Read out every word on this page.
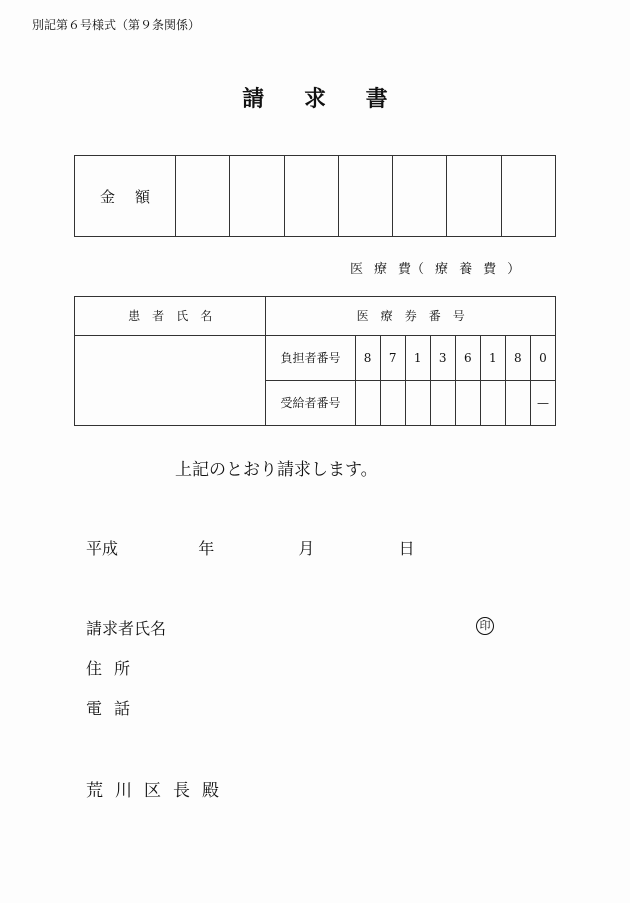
別記第６号様式（第９条関係）
請 求 書
金 額							
医 療 費（ 療 養 費 ）
患 者 氏 名	医 療 券 番 号								
	負担者番号	8	7	1	3	6	1	8	0
	受給者番号								—
上記のとおり請求します。
平成	年	月	日
請求者氏名	印
住 所
電 話
荒 川 区 長 殿
